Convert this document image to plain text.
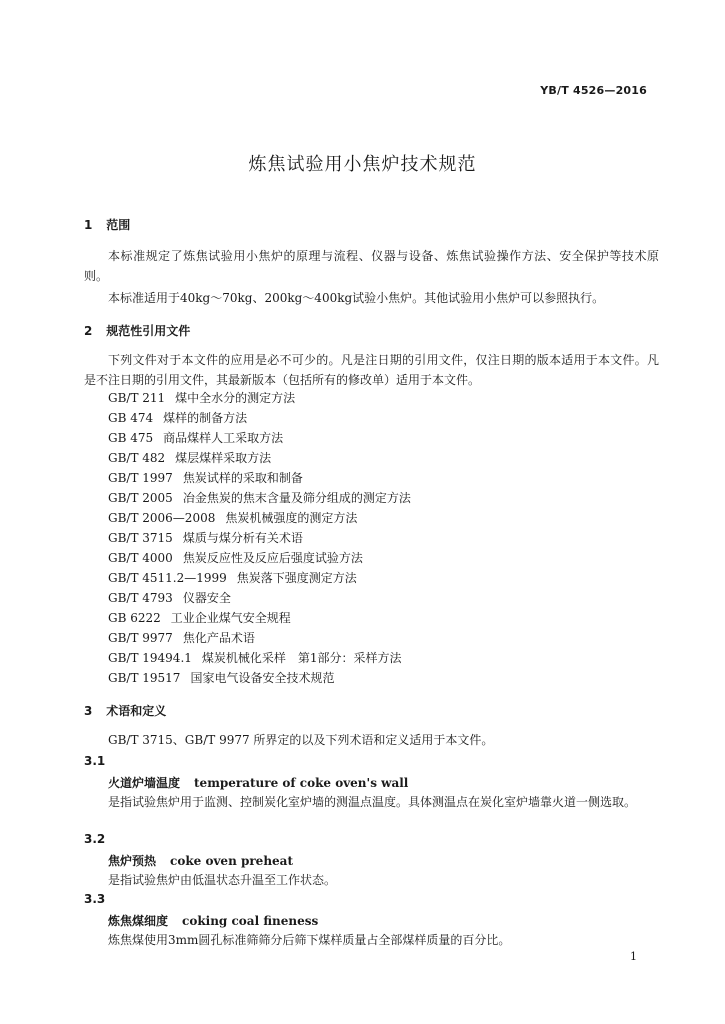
YB/T 4526—2016
炼焦试验用小焦炉技术规范
1 范围

本标准规定了炼焦试验用小焦炉的原理与流程、仪器与设备、炼焦试验操作方法、安全保护等技术原则。

本标准适用于40kg～70kg、200kg～400kg试验小焦炉。其他试验用小焦炉可以参照执行。

2 规范性引用文件

下列文件对于本文件的应用是必不可少的。凡是注日期的引用文件，仅注日期的版本适用于本文件。凡是不注日期的引用文件，其最新版本（包括所有的修改单）适用于本文件。

GB/T 211 煤中全水分的测定方法
GB 474 煤样的制备方法
GB 475 商品煤样人工采取方法
GB/T 482 煤层煤样采取方法
GB/T 1997 焦炭试样的采取和制备
GB/T 2005 冶金焦炭的焦末含量及筛分组成的测定方法
GB/T 2006—2008 焦炭机械强度的测定方法
GB/T 3715 煤质与煤分析有关术语
GB/T 4000 焦炭反应性及反应后强度试验方法
GB/T 4511.2—1999 焦炭落下强度测定方法
GB/T 4793 仪器安全
GB 6222 工业企业煤气安全规程
GB/T 9977 焦化产品术语
GB/T 19494.1 煤炭机械化采样　第1部分：采样方法
GB/T 19517 国家电气设备安全技术规范
3 术语和定义

GB/T 3715、GB/T 9977 所界定的以及下列术语和定义适用于本文件。

3.1
火道炉墙温度 temperature of coke oven's wall

是指试验焦炉用于监测、控制炭化室炉墙的测温点温度。具体测温点在炭化室炉墙靠火道一侧选取。

3.2
焦炉预热 coke oven preheat

是指试验焦炉由低温状态升温至工作状态。

3.3
炼焦煤细度 coking coal fineness

炼焦煤使用3mm圆孔标准筛筛分后筛下煤样质量占全部煤样质量的百分比。

1
